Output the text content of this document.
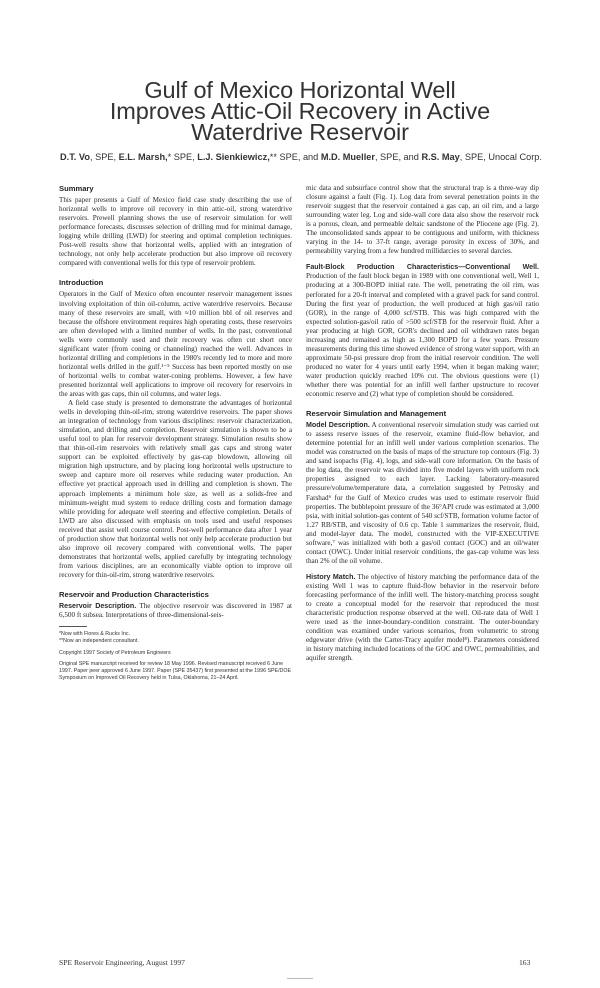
Gulf of Mexico Horizontal Well
Improves Attic-Oil Recovery in Active
Waterdrive Reservoir
D.T. Vo, SPE, E.L. Marsh,* SPE, L.J. Sienkiewicz,** SPE, and M.D. Mueller, SPE, and R.S. May, SPE, Unocal Corp.
Summary

This paper presents a Gulf of Mexico field case study describing the use of horizontal wells to improve oil recovery in thin attic-oil, strong waterdrive reservoirs. Prewell planning shows the use of reservoir simulation for well performance forecasts, discusses selection of drilling mud for minimal damage, logging while drilling (LWD) for steering and optimal completion techniques. Post-well results show that horizontal wells, applied with an integration of technology, not only help accelerate production but also improve oil recovery compared with conventional wells for this type of reservoir problem.

Introduction

Operators in the Gulf of Mexico often encounter reservoir management issues involving exploitation of thin oil-column, active waterdrive reservoirs. Because many of these reservoirs are small, with ≈10 million bbl of oil reserves and because the offshore environment requires high operating costs, these reservoirs are often developed with a limited number of wells. In the past, conventional wells were commonly used and their recovery was often cut short once significant water (from coning or channeling) reached the well. Advances in horizontal drilling and completions in the 1980's recently led to more and more horizontal wells drilled in the gulf.¹⁻⁵ Success has been reported mostly on use of horizontal wells to combat water-coning problems. However, a few have presented horizontal well applications to improve oil recovery for reservoirs in the areas with gas caps, thin oil columns, and water legs.

A field case study is presented to demonstrate the advantages of horizontal wells in developing thin-oil-rim, strong waterdrive reservoirs. The paper shows an integration of technology from various disciplines: reservoir characterization, simulation, and drilling and completion. Reservoir simulation is shown to be a useful tool to plan for reservoir development strategy. Simulation results show that thin-oil-rim reservoirs with relatively small gas caps and strong water support can be exploited effectively by gas-cap blowdown, allowing oil migration high upstructure, and by placing long horizontal wells upstructure to sweep and capture more oil reserves while reducing water production. An effective yet practical approach used in drilling and completion is shown. The approach implements a minimum hole size, as well as a solids-free and minimum-weight mud system to reduce drilling costs and formation damage while providing for adequate well steering and effective completion. Details of LWD are also discussed with emphasis on tools used and useful responses received that assist well course control. Post-well performance data after 1 year of production show that horizontal wells not only help accelerate production but also improve oil recovery compared with conventional wells. The paper demonstrates that horizontal wells, applied carefully by integrating technology from various disciplines, are an economically viable option to improve oil recovery for thin-oil-rim, strong waterdrive reservoirs.

Reservoir and Production Characteristics

Reservoir Description. The objective reservoir was discovered in 1987 at 6,500 ft subsea. Interpretations of three-dimensional-seis-

*Now with Flores & Rucks Inc.

**Now an independent consultant.

Copyright 1997 Society of Petroleum Engineers

Original SPE manuscript received for review 18 May 1996. Revised manuscript received 6 June 1997. Paper peer approved 6 June 1997. Paper (SPE 35437) first presented at the 1996 SPE/DOE Symposium on Improved Oil Recovery held in Tulsa, Oklahoma, 21–24 April.

mic data and subsurface control show that the structural trap is a three-way dip closure against a fault (Fig. 1). Log data from several penetration points in the reservoir suggest that the reservoir contained a gas cap, an oil rim, and a large surrounding water leg. Log and side-wall core data also show the reservoir rock is a porous, clean, and permeable deltaic sandstone of the Pliocene age (Fig. 2). The unconsolidated sands appear to be contiguous and uniform, with thickness varying in the 14- to 37-ft range, average porosity in excess of 30%, and permeability varying from a few hundred millidarcies to several darcies.

Fault-Block Production Characteristics—Conventional Well. Production of the fault block began in 1989 with one conventional well, Well 1, producing at a 300-BOPD initial rate. The well, penetrating the oil rim, was perforated for a 20-ft interval and completed with a gravel pack for sand control. During the first year of production, the well produced at high gas/oil ratio (GOR), in the range of 4,000 scf/STB. This was high compared with the expected solution-gas/oil ratio of >500 scf/STB for the reservoir fluid. After a year producing at high GOR, GOR's declined and oil withdrawn rates began increasing and remained as high as 1,300 BOPD for a few years. Pressure measurements during this time showed evidence of strong water support, with an approximate 50-psi pressure drop from the initial reservoir condition. The well produced no water for 4 years until early 1994, when it began making water; water production quickly reached 10% cut. The obvious questions were (1) whether there was potential for an infill well farther upstructure to recover economic reserve and (2) what type of completion should be considered.

Reservoir Simulation and Management

Model Description. A conventional reservoir simulation study was carried out to assess reserve issues of the reservoir, examine fluid-flow behavior, and determine potential for an infill well under various completion scenarios. The model was constructed on the basis of maps of the structure top contours (Fig. 3) and sand isopachs (Fig. 4), logs, and side-wall core information. On the basis of the log data, the reservoir was divided into five model layers with uniform rock properties assigned to each layer. Lacking laboratory-measured pressure/volume/temperature data, a correlation suggested by Petrosky and Farshad⁶ for the Gulf of Mexico crudes was used to estimate reservoir fluid properties. The bubblepoint pressure of the 36°API crude was estimated at 3,000 psia, with initial solution-gas content of 540 scf/STB, formation volume factor of 1.27 RB/STB, and viscosity of 0.6 cp. Table 1 summarizes the reservoir, fluid, and model-layer data. The model, constructed with the VIP-EXECUTIVE software,⁷ was initialized with both a gas/oil contact (GOC) and an oil/water contact (OWC). Under initial reservoir conditions, the gas-cap volume was less than 2% of the oil volume.

History Match. The objective of history matching the performance data of the existing Well 1 was to capture fluid-flow behavior in the reservoir before forecasting performance of the infill well. The history-matching process sought to create a conceptual model for the reservoir that reproduced the most characteristic production response observed at the well. Oil-rate data of Well 1 were used as the inner-boundary-condition constraint. The outer-boundary condition was examined under various scenarios, from volumetric to strong edgewater drive (with the Carter-Tracy aquifer model⁸). Parameters considered in history matching included locations of the GOC and OWC, permeabilities, and aquifer strength.

SPE Reservoir Engineering, August 1997	163
